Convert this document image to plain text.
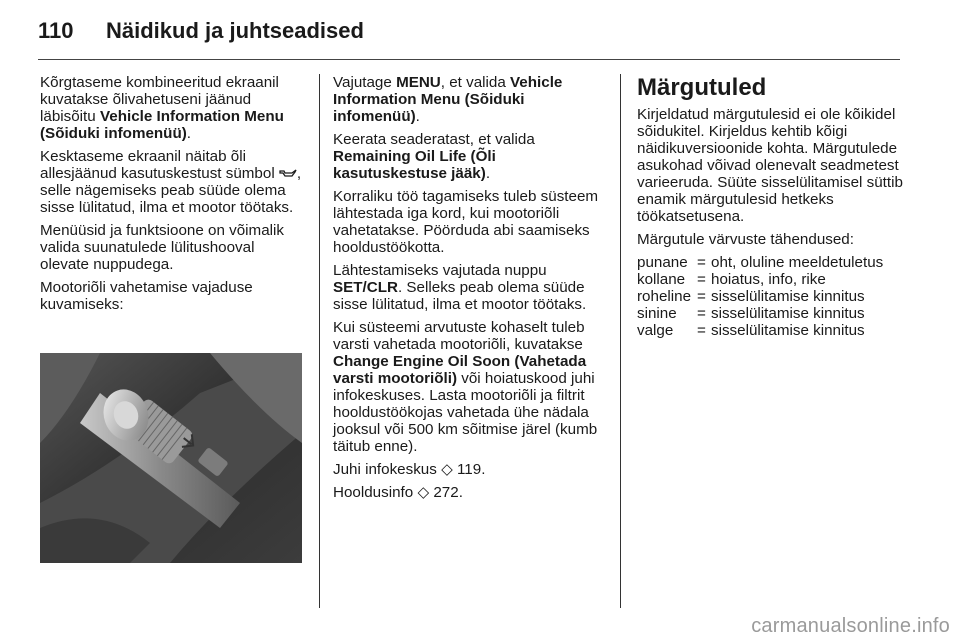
110 Näidikud ja juhtseadised

Kõrgtaseme kombineeritud ekraanil kuvatakse õlivahetuseni jäänud läbisõitu Vehicle Information Menu (Sõiduki infomenüü).

Kesktaseme ekraanil näitab õli allesjäänud kasutuskestust sümbol , selle nägemiseks peab süüde olema sisse lülitatud, ilma et mootor töötaks.

Menüüsid ja funktsioone on võimalik valida suunatulede lülitushooval olevate nuppudega.

Mootoriõli vahetamise vajaduse kuvamiseks:

Vajutage MENU, et valida Vehicle Information Menu (Sõiduki infomenüü).

Keerata seaderatast, et valida Remaining Oil Life (Õli kasutuskestuse jääk).

Korraliku töö tagamiseks tuleb süsteem lähtestada iga kord, kui mootoriõli vahetatakse. Pöörduda abi saamiseks hooldustöökotta.

Lähtestamiseks vajutada nuppu SET/CLR. Selleks peab olema süüde sisse lülitatud, ilma et mootor töötaks.

Kui süsteemi arvutuste kohaselt tuleb varsti vahetada mootoriõli, kuvatakse Change Engine Oil Soon (Vahetada varsti mootoriõli) või hoiatuskood juhi infokeskuses. Lasta mootoriõli ja filtrit hooldustöökojas vahetada ühe nädala jooksul või 500 km sõitmise järel (kumb täitub enne).

Juhi infokeskus ◇ 119.

Hooldusinfo ◇ 272.

Märgutuled

Kirjeldatud märgutulesid ei ole kõikidel sõidukitel. Kirjeldus kehtib kõigi näidikuversioonide kohta. Märgutulede asukohad võivad olenevalt seadmetest varieeruda. Süüte sisselülitamisel süttib enamik märgutulesid hetkeks töökatsetusena.

Märgutule värvuste tähendused:

punane	=	oht, oluline meeldetuletus
kollane	=	hoiatus, info, rike
roheline	=	sisselülitamise kinnitus
sinine	=	sisselülitamise kinnitus
valge	=	sisselülitamise kinnitus
carmanualsonline.info
